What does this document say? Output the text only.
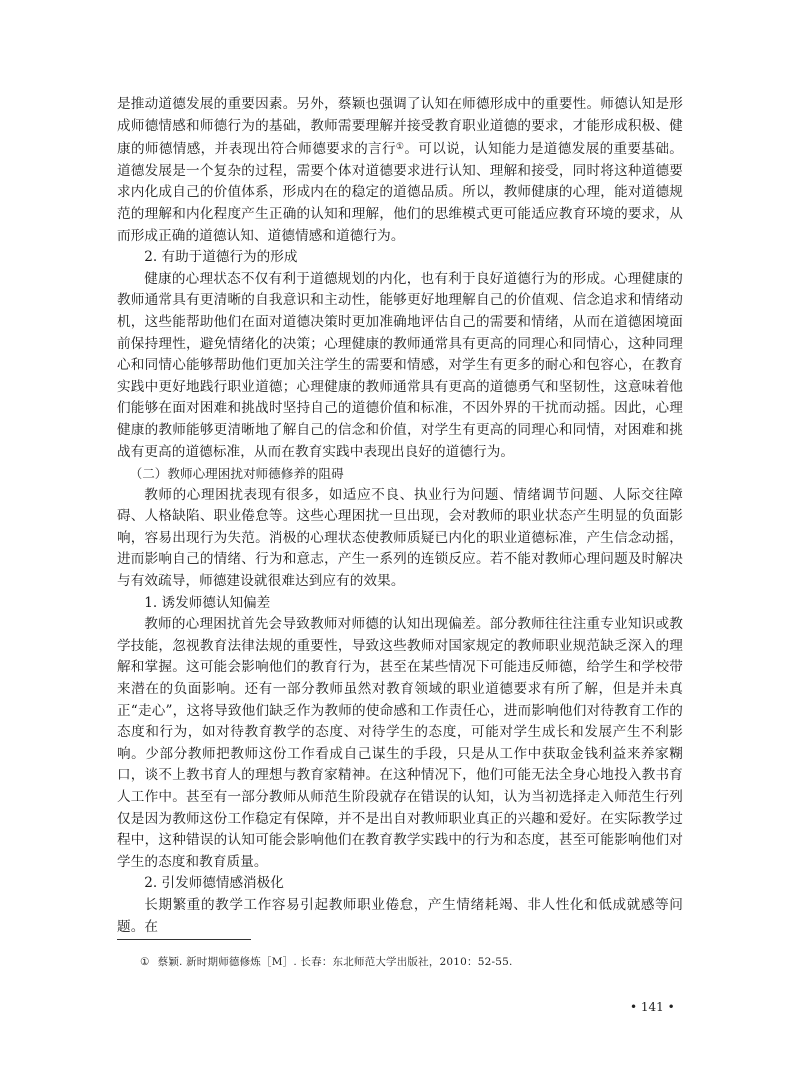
是推动道德发展的重要因素。另外，蔡颖也强调了认知在师德形成中的重要性。师德认知是形成师德情感和师德行为的基础，教师需要理解并接受教育职业道德的要求，才能形成积极、健康的师德情感，并表现出符合师德要求的言行①。可以说，认知能力是道德发展的重要基础。道德发展是一个复杂的过程，需要个体对道德要求进行认知、理解和接受，同时将这种道德要求内化成自己的价值体系，形成内在的稳定的道德品质。所以，教师健康的心理，能对道德规范的理解和内化程度产生正确的认知和理解，他们的思维模式更可能适应教育环境的要求，从而形成正确的道德认知、道德情感和道德行为。

2. 有助于道德行为的形成

健康的心理状态不仅有利于道德规划的内化，也有利于良好道德行为的形成。心理健康的教师通常具有更清晰的自我意识和主动性，能够更好地理解自己的价值观、信念追求和情绪动机，这些能帮助他们在面对道德决策时更加准确地评估自己的需要和情绪，从而在道德困境面前保持理性，避免情绪化的决策；心理健康的教师通常具有更高的同理心和同情心，这种同理心和同情心能够帮助他们更加关注学生的需要和情感，对学生有更多的耐心和包容心，在教育实践中更好地践行职业道德；心理健康的教师通常具有更高的道德勇气和坚韧性，这意味着他们能够在面对困难和挑战时坚持自己的道德价值和标准，不因外界的干扰而动摇。因此，心理健康的教师能够更清晰地了解自己的信念和价值，对学生有更高的同理心和同情，对困难和挑战有更高的道德标准，从而在教育实践中表现出良好的道德行为。

（二）教师心理困扰对师德修养的阻碍

教师的心理困扰表现有很多，如适应不良、执业行为问题、情绪调节问题、人际交往障碍、人格缺陷、职业倦怠等。这些心理困扰一旦出现，会对教师的职业状态产生明显的负面影响，容易出现行为失范。消极的心理状态使教师质疑已内化的职业道德标准，产生信念动摇，进而影响自己的情绪、行为和意志，产生一系列的连锁反应。若不能对教师心理问题及时解决与有效疏导，师德建设就很难达到应有的效果。

1. 诱发师德认知偏差

教师的心理困扰首先会导致教师对师德的认知出现偏差。部分教师往往注重专业知识或教学技能，忽视教育法律法规的重要性，导致这些教师对国家规定的教师职业规范缺乏深入的理解和掌握。这可能会影响他们的教育行为，甚至在某些情况下可能违反师德，给学生和学校带来潜在的负面影响。还有一部分教师虽然对教育领域的职业道德要求有所了解，但是并未真正“走心”，这将导致他们缺乏作为教师的使命感和工作责任心，进而影响他们对待教育工作的态度和行为，如对待教育教学的态度、对待学生的态度，可能对学生成长和发展产生不利影响。少部分教师把教师这份工作看成自己谋生的手段，只是从工作中获取金钱利益来养家糊口，谈不上教书育人的理想与教育家精神。在这种情况下，他们可能无法全身心地投入教书育人工作中。甚至有一部分教师从师范生阶段就存在错误的认知，认为当初选择走入师范生行列仅是因为教师这份工作稳定有保障，并不是出自对教师职业真正的兴趣和爱好。在实际教学过程中，这种错误的认知可能会影响他们在教育教学实践中的行为和态度，甚至可能影响他们对学生的态度和教育质量。

2. 引发师德情感消极化

长期繁重的教学工作容易引起教师职业倦怠，产生情绪耗竭、非人性化和低成就感等问题。在

① 蔡颖. 新时期师德修炼［M］. 长春：东北师范大学出版社，2010：52-55.
• 141 •
